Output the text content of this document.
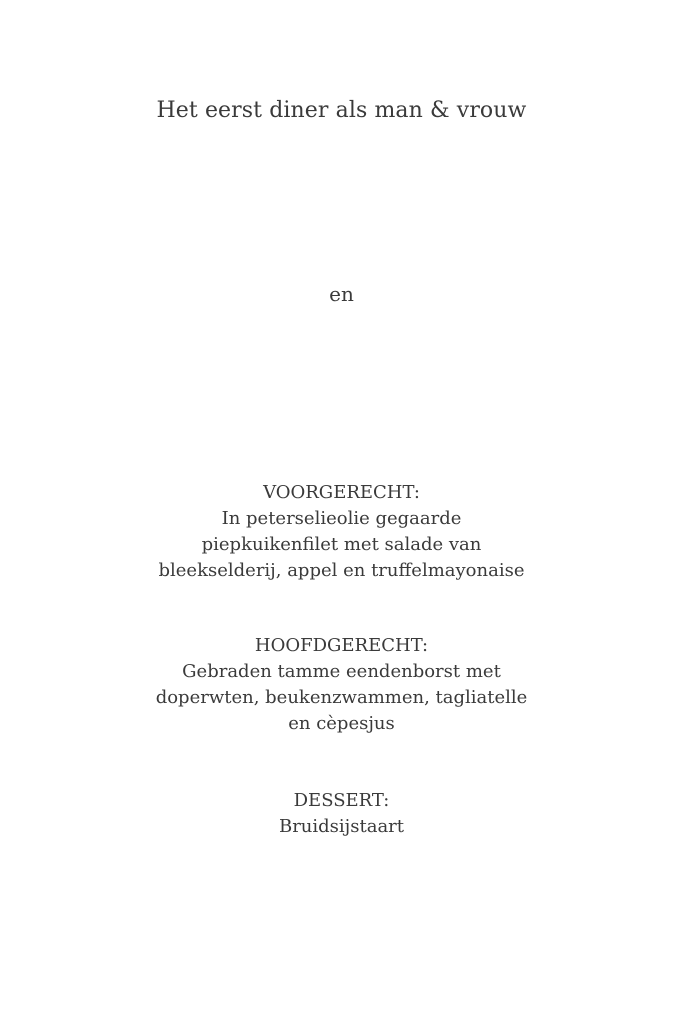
Het eerst diner als man & vrouw
en
VOORGERECHT:
In peterselieolie gegaarde
piepkuikenfilet met salade van
bleekselderij, appel en truffelmayonaise
HOOFDGERECHT:
Gebraden tamme eendenborst met
doperwten, beukenzwammen, tagliatelle
en cèpesjus
DESSERT:
Bruidsijstaart
